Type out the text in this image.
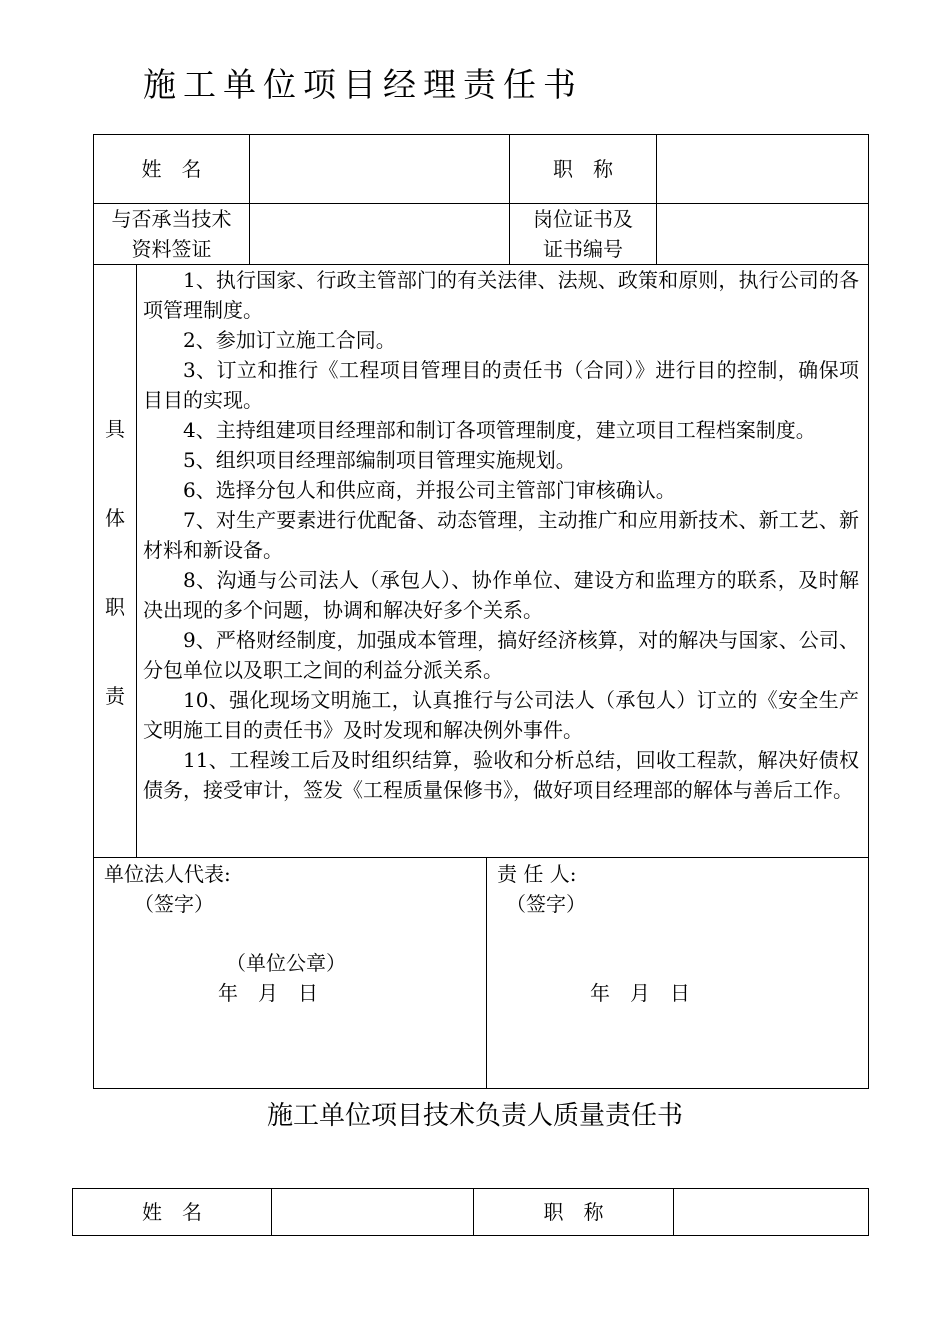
施工单位项目经理责任书
姓　名	职　称
与否承当技术
资料签证
岗位证书及
证书编号
具
体
职
责

1、执行国家、行政主管部门的有关法律、法规、政策和原则，执行公司的各项管理制度。

2、参加订立施工合同。

3、订立和推行《工程项目管理目的责任书（合同）》进行目的控制，确保项目目的实现。

4、主持组建项目经理部和制订各项管理制度，建立项目工程档案制度。

5、组织项目经理部编制项目管理实施规划。

6、选择分包人和供应商，并报公司主管部门审核确认。

7、对生产要素进行优配备、动态管理，主动推广和应用新技术、新工艺、新材料和新设备。

8、沟通与公司法人（承包人）、协作单位、建设方和监理方的联系，及时解决出现的多个问题，协调和解决好多个关系。

9、严格财经制度，加强成本管理，搞好经济核算，对的解决与国家、公司、分包单位以及职工之间的利益分派关系。

10、强化现场文明施工，认真推行与公司法人（承包人）订立的《安全生产文明施工目的责任书》及时发现和解决例外事件。

11、工程竣工后及时组织结算，验收和分析总结，回收工程款，解决好债权债务，接受审计，签发《工程质量保修书》，做好项目经理部的解体与善后工作。

单位法人代表:
（签字）
（单位公章）
年　月　日
责 任 人:
（签字）
年　月　日
施工单位项目技术负责人质量责任书
姓　名	职　称
